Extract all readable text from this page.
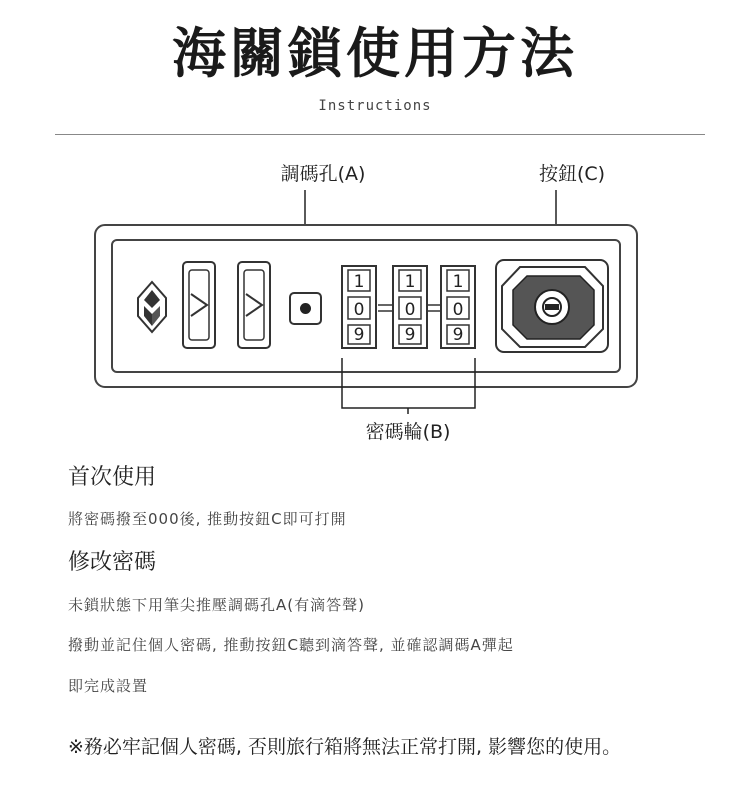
海關鎖使用方法
Instructions
調碼孔(A)	按鈕(C)
1
0
9
1
0
9
1
0
9
密碼輪(B)
首次使用
將密碼撥至000後, 推動按鈕C即可打開
修改密碼
未鎖狀態下用筆尖推壓調碼孔A(有滴答聲)
撥動並記住個人密碼, 推動按鈕C聽到滴答聲, 並確認調碼A彈起
即完成設置
※務必牢記個人密碼, 否則旅行箱將無法正常打開, 影響您的使用。
